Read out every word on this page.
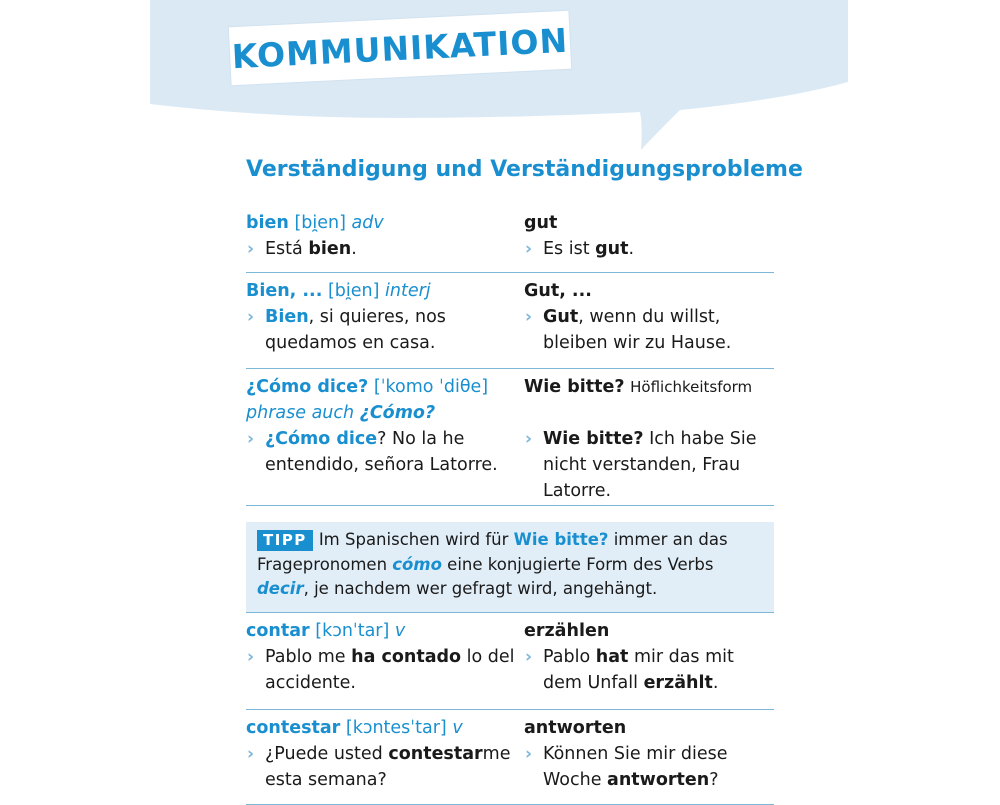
KOMMUNIKATION
Verständigung und Verständigungsprobleme

bien [bi̯en] adv

› Está bien.

gut

› Es ist gut.

Bien, ... [bi̯en] interj

› Bien, si quieres, nos quedamos en casa.

Gut, ...

› Gut, wenn du willst, bleiben wir zu Hause.

¿Cómo dice? [ˈkomo ˈdiθe]

phrase auch ¿Cómo?

› ¿Cómo dice? No la he entendido, señora Latorre.

Wie bitte? Höflichkeitsform

› Wie bitte? Ich habe Sie nicht verstanden, Frau Latorre.

TIPP Im Spanischen wird für Wie bitte? immer an das Fragepronomen cómo eine konjugierte Form des Verbs decir, je nachdem wer gefragt wird, angehängt.

contar [kɔnˈtar] v

› Pablo me ha contado lo del accidente.

erzählen

› Pablo hat mir das mit dem Unfall erzählt.

contestar [kɔntesˈtar] v

› ¿Puede usted contestarme esta semana?

antworten

› Können Sie mir diese Woche antworten?
